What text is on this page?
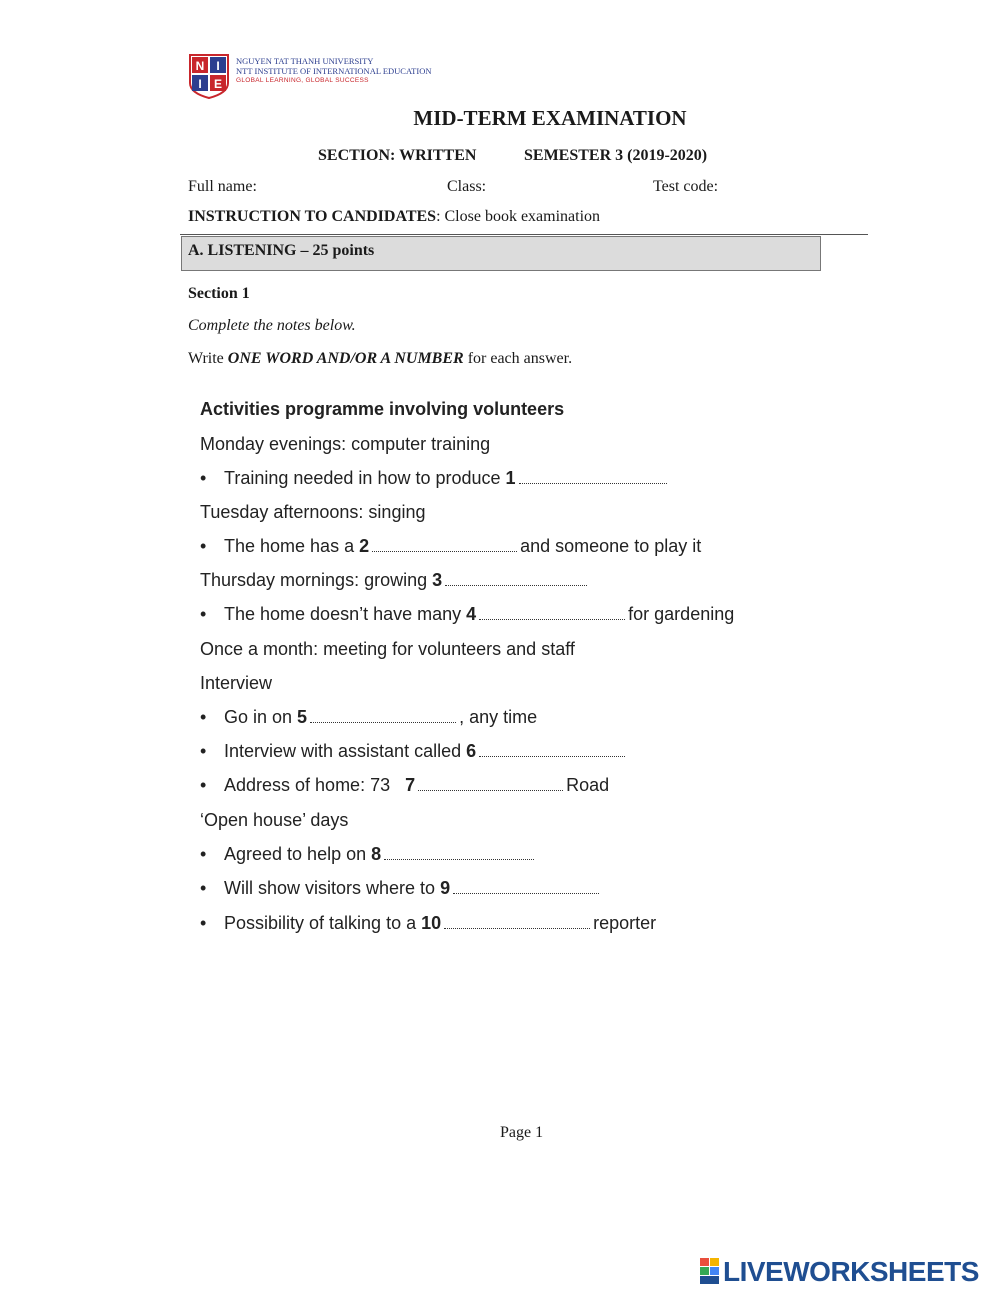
N I
I E
NGUYEN TAT THANH UNIVERSITY
NTT INSTITUTE OF INTERNATIONAL EDUCATION
GLOBAL LEARNING, GLOBAL SUCCESS
MID-TERM EXAMINATION
SECTION: WRITTEN	SEMESTER 3 (2019-2020)
Full name:	Class:	Test code:
INSTRUCTION TO CANDIDATES: Close book examination
A. LISTENING – 25 points
Section 1
Complete the notes below.
Write ONE WORD AND/OR A NUMBER for each answer.
Activities programme involving volunteers
Monday evenings: computer training
• Training needed in how to produce 1
Tuesday afternoons: singing
• The home has a 2	and someone to play it
Thursday mornings: growing 3
• The home doesn’t have many 4	for gardening
Once a month: meeting for volunteers and staff
Interview
• Go in on 5	, any time
• Interview with assistant called 6
• Address of home: 73   7	Road
‘Open house’ days
• Agreed to help on 8
• Will show visitors where to 9
• Possibility of talking to a 10	reporter
Page 1
LIVEWORKSHEETS
